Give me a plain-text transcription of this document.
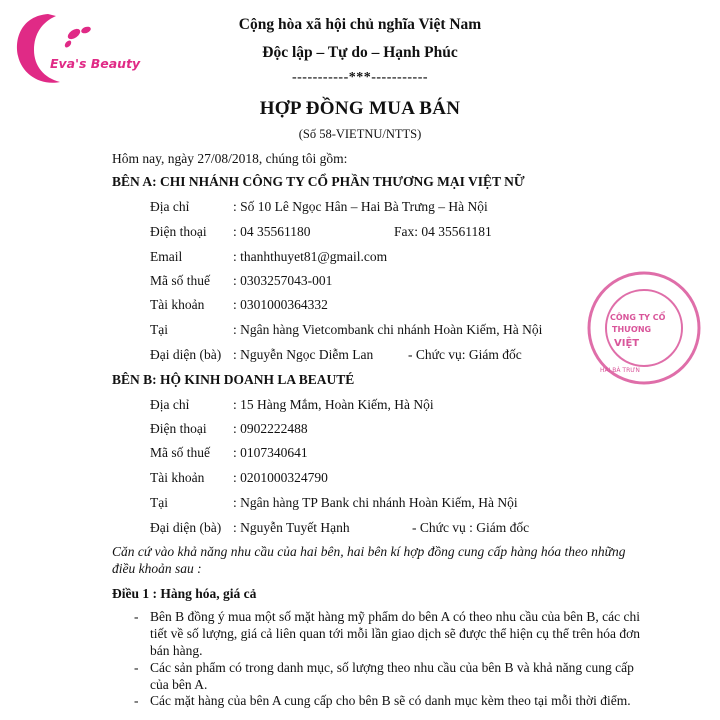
Eva's Beauty
CÔNG TY CỔ
THƯƠNG
VIỆT
HAI BÀ TRƯN
Cộng hòa xã hội chủ nghĩa Việt Nam
Độc lập – Tự do – Hạnh Phúc
-----------***-----------
HỢP ĐỒNG MUA BÁN
(Số 58-VIETNU/NTTS)
Hôm nay, ngày 27/08/2018, chúng tôi gồm:
BÊN A: CHI NHÁNH CÔNG TY CỔ PHẦN THƯƠNG MẠI VIỆT NỮ
Địa chỉ	: Số 10 Lê Ngọc Hân – Hai Bà Trưng – Hà Nội
Điện thoại : 04 35561180	Fax: 04 35561181
Email	: thanhthuyet81@gmail.com
Mã số thuế : 0303257043-001
Tài khoản : 0301000364332
Tại	: Ngân hàng Vietcombank chi nhánh Hoàn Kiếm, Hà Nội
Đại diện (bà) : Nguyễn Ngọc Diễm Lan	- Chức vụ: Giám đốc
BÊN B: HỘ KINH DOANH LA BEAUTÉ
Địa chỉ	: 15 Hàng Mắm, Hoàn Kiếm, Hà Nội
Điện thoại : 0902222488
Mã số thuế : 0107340641
Tài khoản : 0201000324790
Tại	: Ngân hàng TP Bank chi nhánh Hoàn Kiếm, Hà Nội
Đại diện (bà) : Nguyễn Tuyết Hạnh	- Chức vụ : Giám đốc
Căn cứ vào khả năng nhu cầu của hai bên, hai bên kí hợp đồng cung cấp hàng hóa theo những điều khoản sau :
Điều 1 : Hàng hóa, giá cả
- Bên B đồng ý mua một số mặt hàng mỹ phẩm do bên A có theo nhu cầu của bên B, các chi tiết về số lượng, giá cả liên quan tới mỗi lần giao dịch sẽ được thể hiện cụ thể trên hóa đơn bán hàng.
- Các sản phẩm có trong danh mục, số lượng theo nhu cầu của bên B và khả năng cung cấp của bên A.
- Các mặt hàng của bên A cung cấp cho bên B sẽ có danh mục kèm theo tại mỗi thời điểm.
